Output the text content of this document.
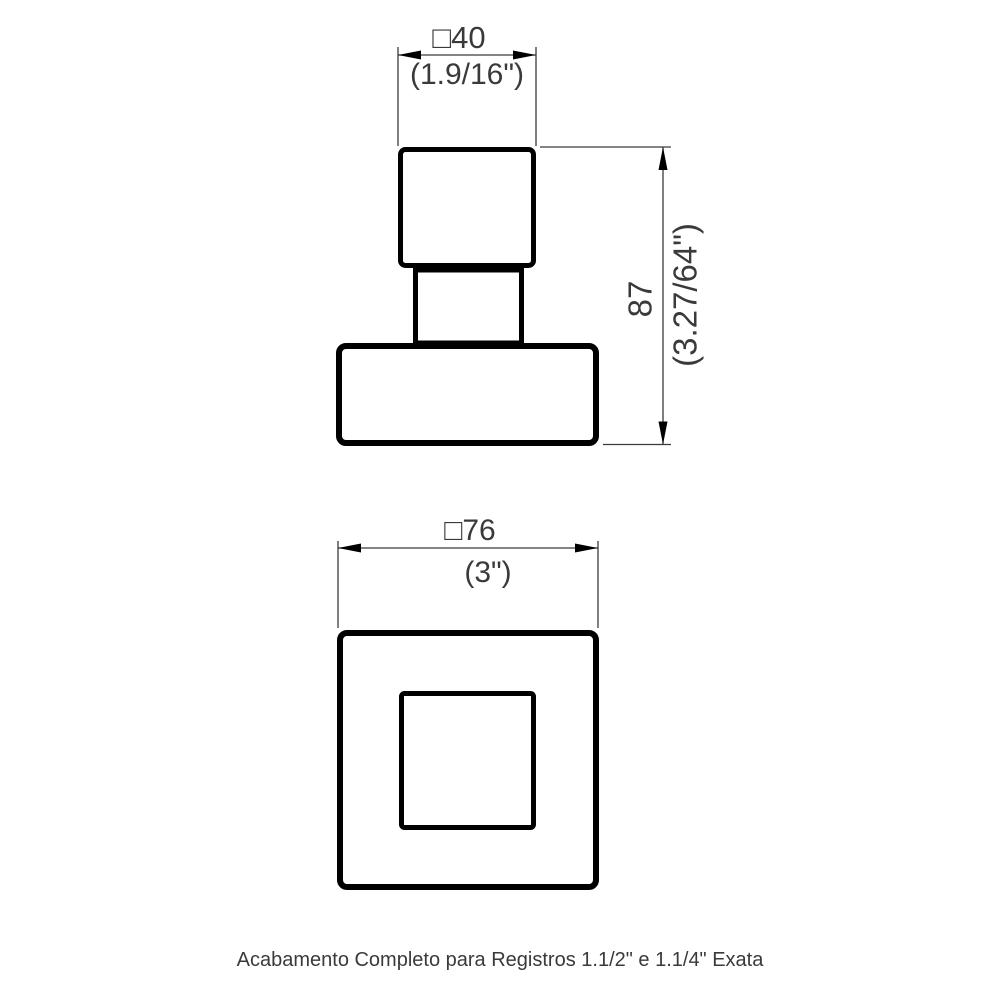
□40
(1.9/16")
87 (3.27/64")
□76
(3")
Acabamento Completo para Registros 1.1/2" e 1.1/4" Exata
